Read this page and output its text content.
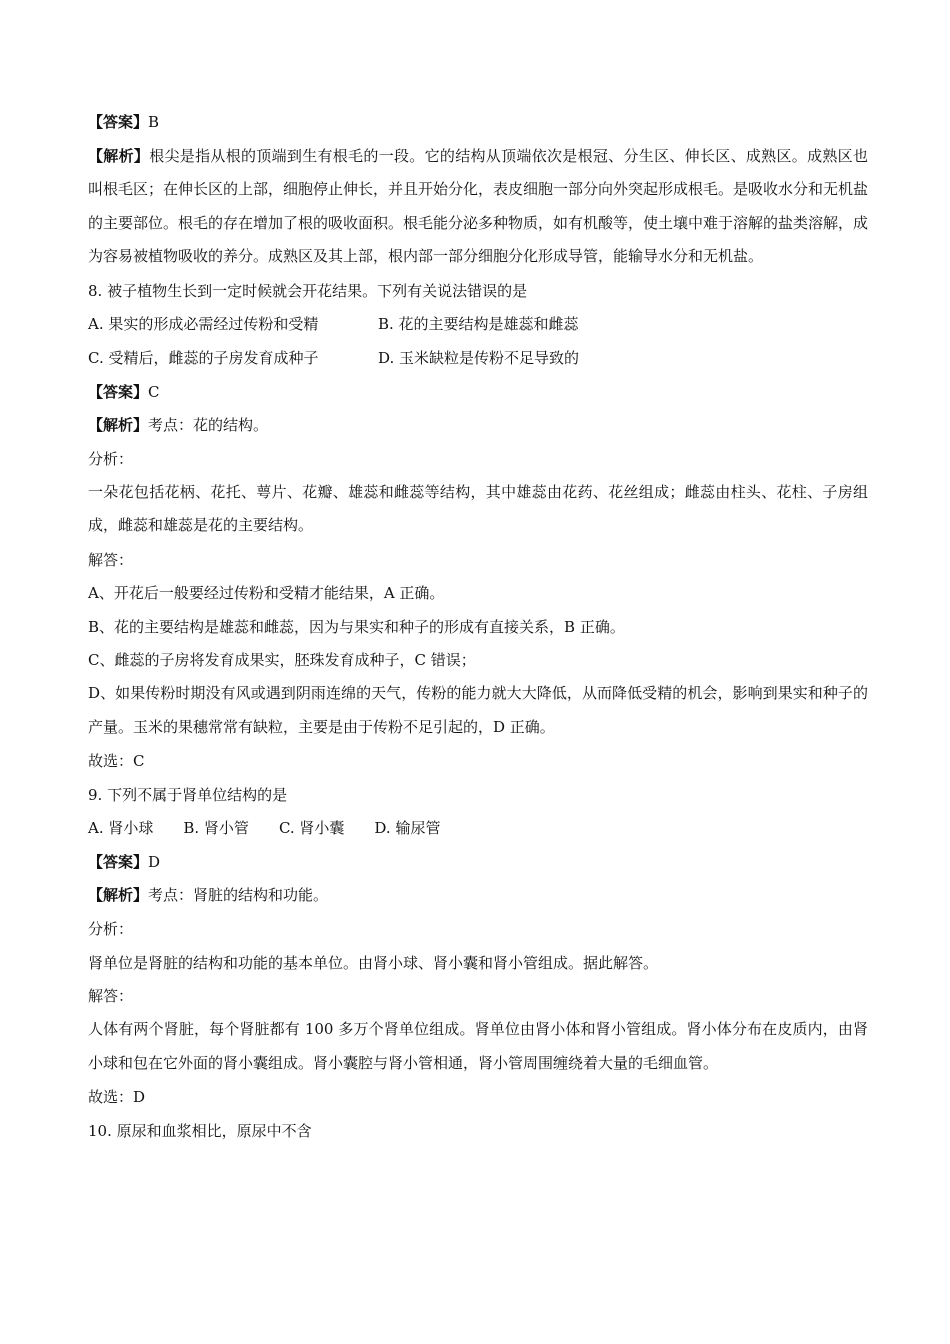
【答案】B
【解析】根尖是指从根的顶端到生有根毛的一段。它的结构从顶端依次是根冠、分生区、伸长区、成熟区。成熟区也叫根毛区；在伸长区的上部，细胞停止伸长，并且开始分化，表皮细胞一部分向外突起形成根毛。是吸收水分和无机盐的主要部位。根毛的存在增加了根的吸收面积。根毛能分泌多种物质，如有机酸等，使土壤中难于溶解的盐类溶解，成为容易被植物吸收的养分。成熟区及其上部，根内部一部分细胞分化形成导管，能输导水分和无机盐。
8. 被子植物生长到一定时候就会开花结果。下列有关说法错误的是
A. 果实的形成必需经过传粉和受精	B. 花的主要结构是雄蕊和雌蕊
C. 受精后，雌蕊的子房发育成种子	D. 玉米缺粒是传粉不足导致的
【答案】C
【解析】考点：花的结构。
分析：
一朵花包括花柄、花托、萼片、花瓣、雄蕊和雌蕊等结构，其中雄蕊由花药、花丝组成；雌蕊由柱头、花柱、子房组成，雌蕊和雄蕊是花的主要结构。
解答：
A、开花后一般要经过传粉和受精才能结果，A 正确。
B、花的主要结构是雄蕊和雌蕊，因为与果实和种子的形成有直接关系，B 正确。
C、雌蕊的子房将发育成果实，胚珠发育成种子，C 错误；
D、如果传粉时期没有风或遇到阴雨连绵的天气，传粉的能力就大大降低，从而降低受精的机会，影响到果实和种子的产量。玉米的果穗常常有缺粒，主要是由于传粉不足引起的，D 正确。
故选：C
9. 下列不属于肾单位结构的是
A. 肾小球 B. 肾小管 C. 肾小囊 D. 输尿管
【答案】D
【解析】考点：肾脏的结构和功能。
分析：
肾单位是肾脏的结构和功能的基本单位。由肾小球、肾小囊和肾小管组成。据此解答。
解答：
人体有两个肾脏，每个肾脏都有 100 多万个肾单位组成。肾单位由肾小体和肾小管组成。肾小体分布在皮质内，由肾小球和包在它外面的肾小囊组成。肾小囊腔与肾小管相通，肾小管周围缠绕着大量的毛细血管。
故选：D
10. 原尿和血浆相比，原尿中不含
